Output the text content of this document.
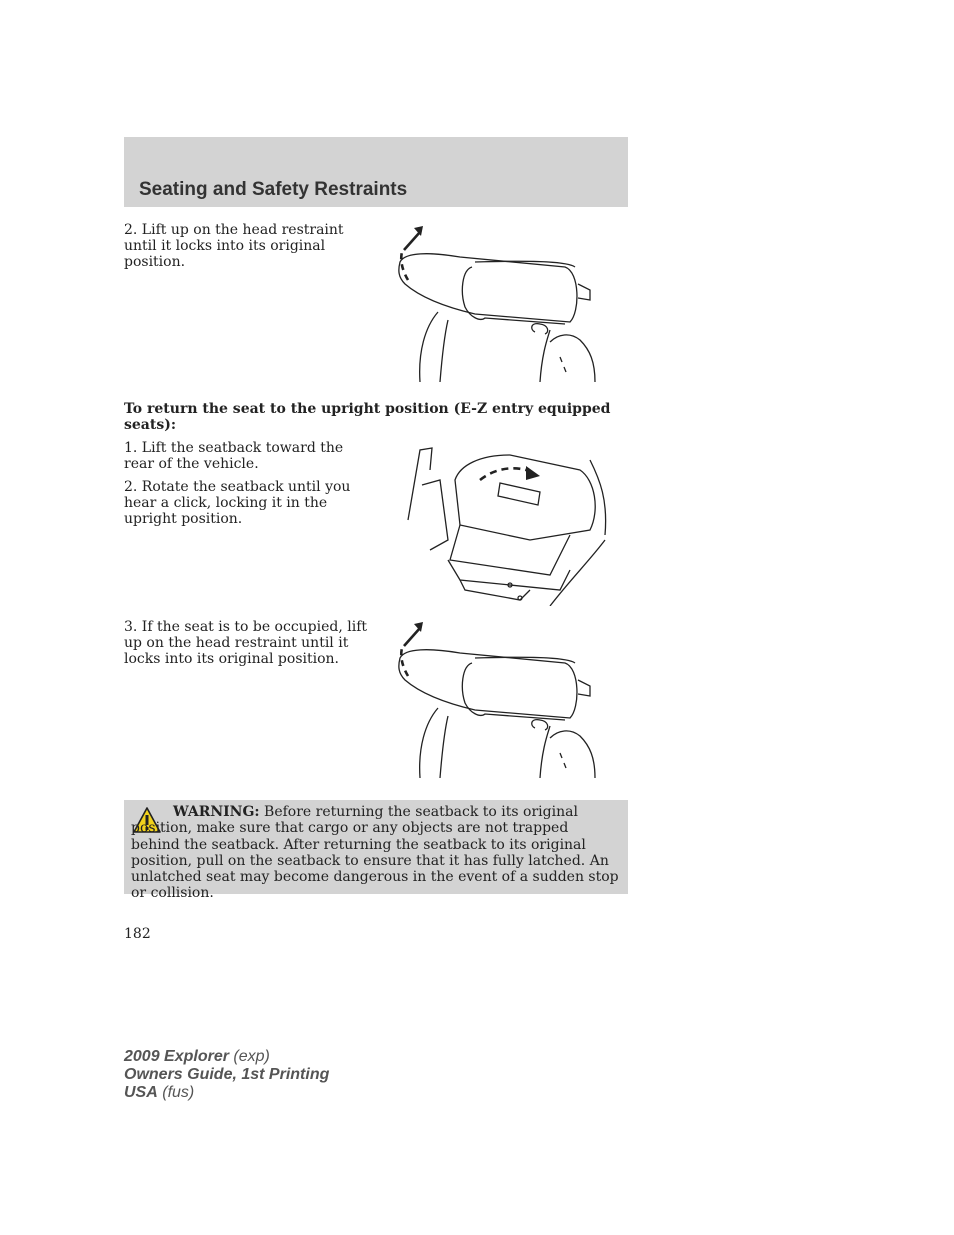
Seating and Safety Restraints

2. Lift up on the head restraint until it locks into its original position.

To return the seat to the upright position (E-Z entry equipped seats):

1. Lift the seatback toward the rear of the vehicle.

2. Rotate the seatback until you hear a click, locking it in the upright position.

3. If the seat is to be occupied, lift up on the head restraint until it locks into its original position.

WARNING: Before returning the seatback to its original position, make sure that cargo or any objects are not trapped behind the seatback. After returning the seatback to its original position, pull on the seatback to ensure that it has fully latched. An unlatched seat may become dangerous in the event of a sudden stop or collision.

182
2009 Explorer (exp)
Owners Guide, 1st Printing
USA (fus)
